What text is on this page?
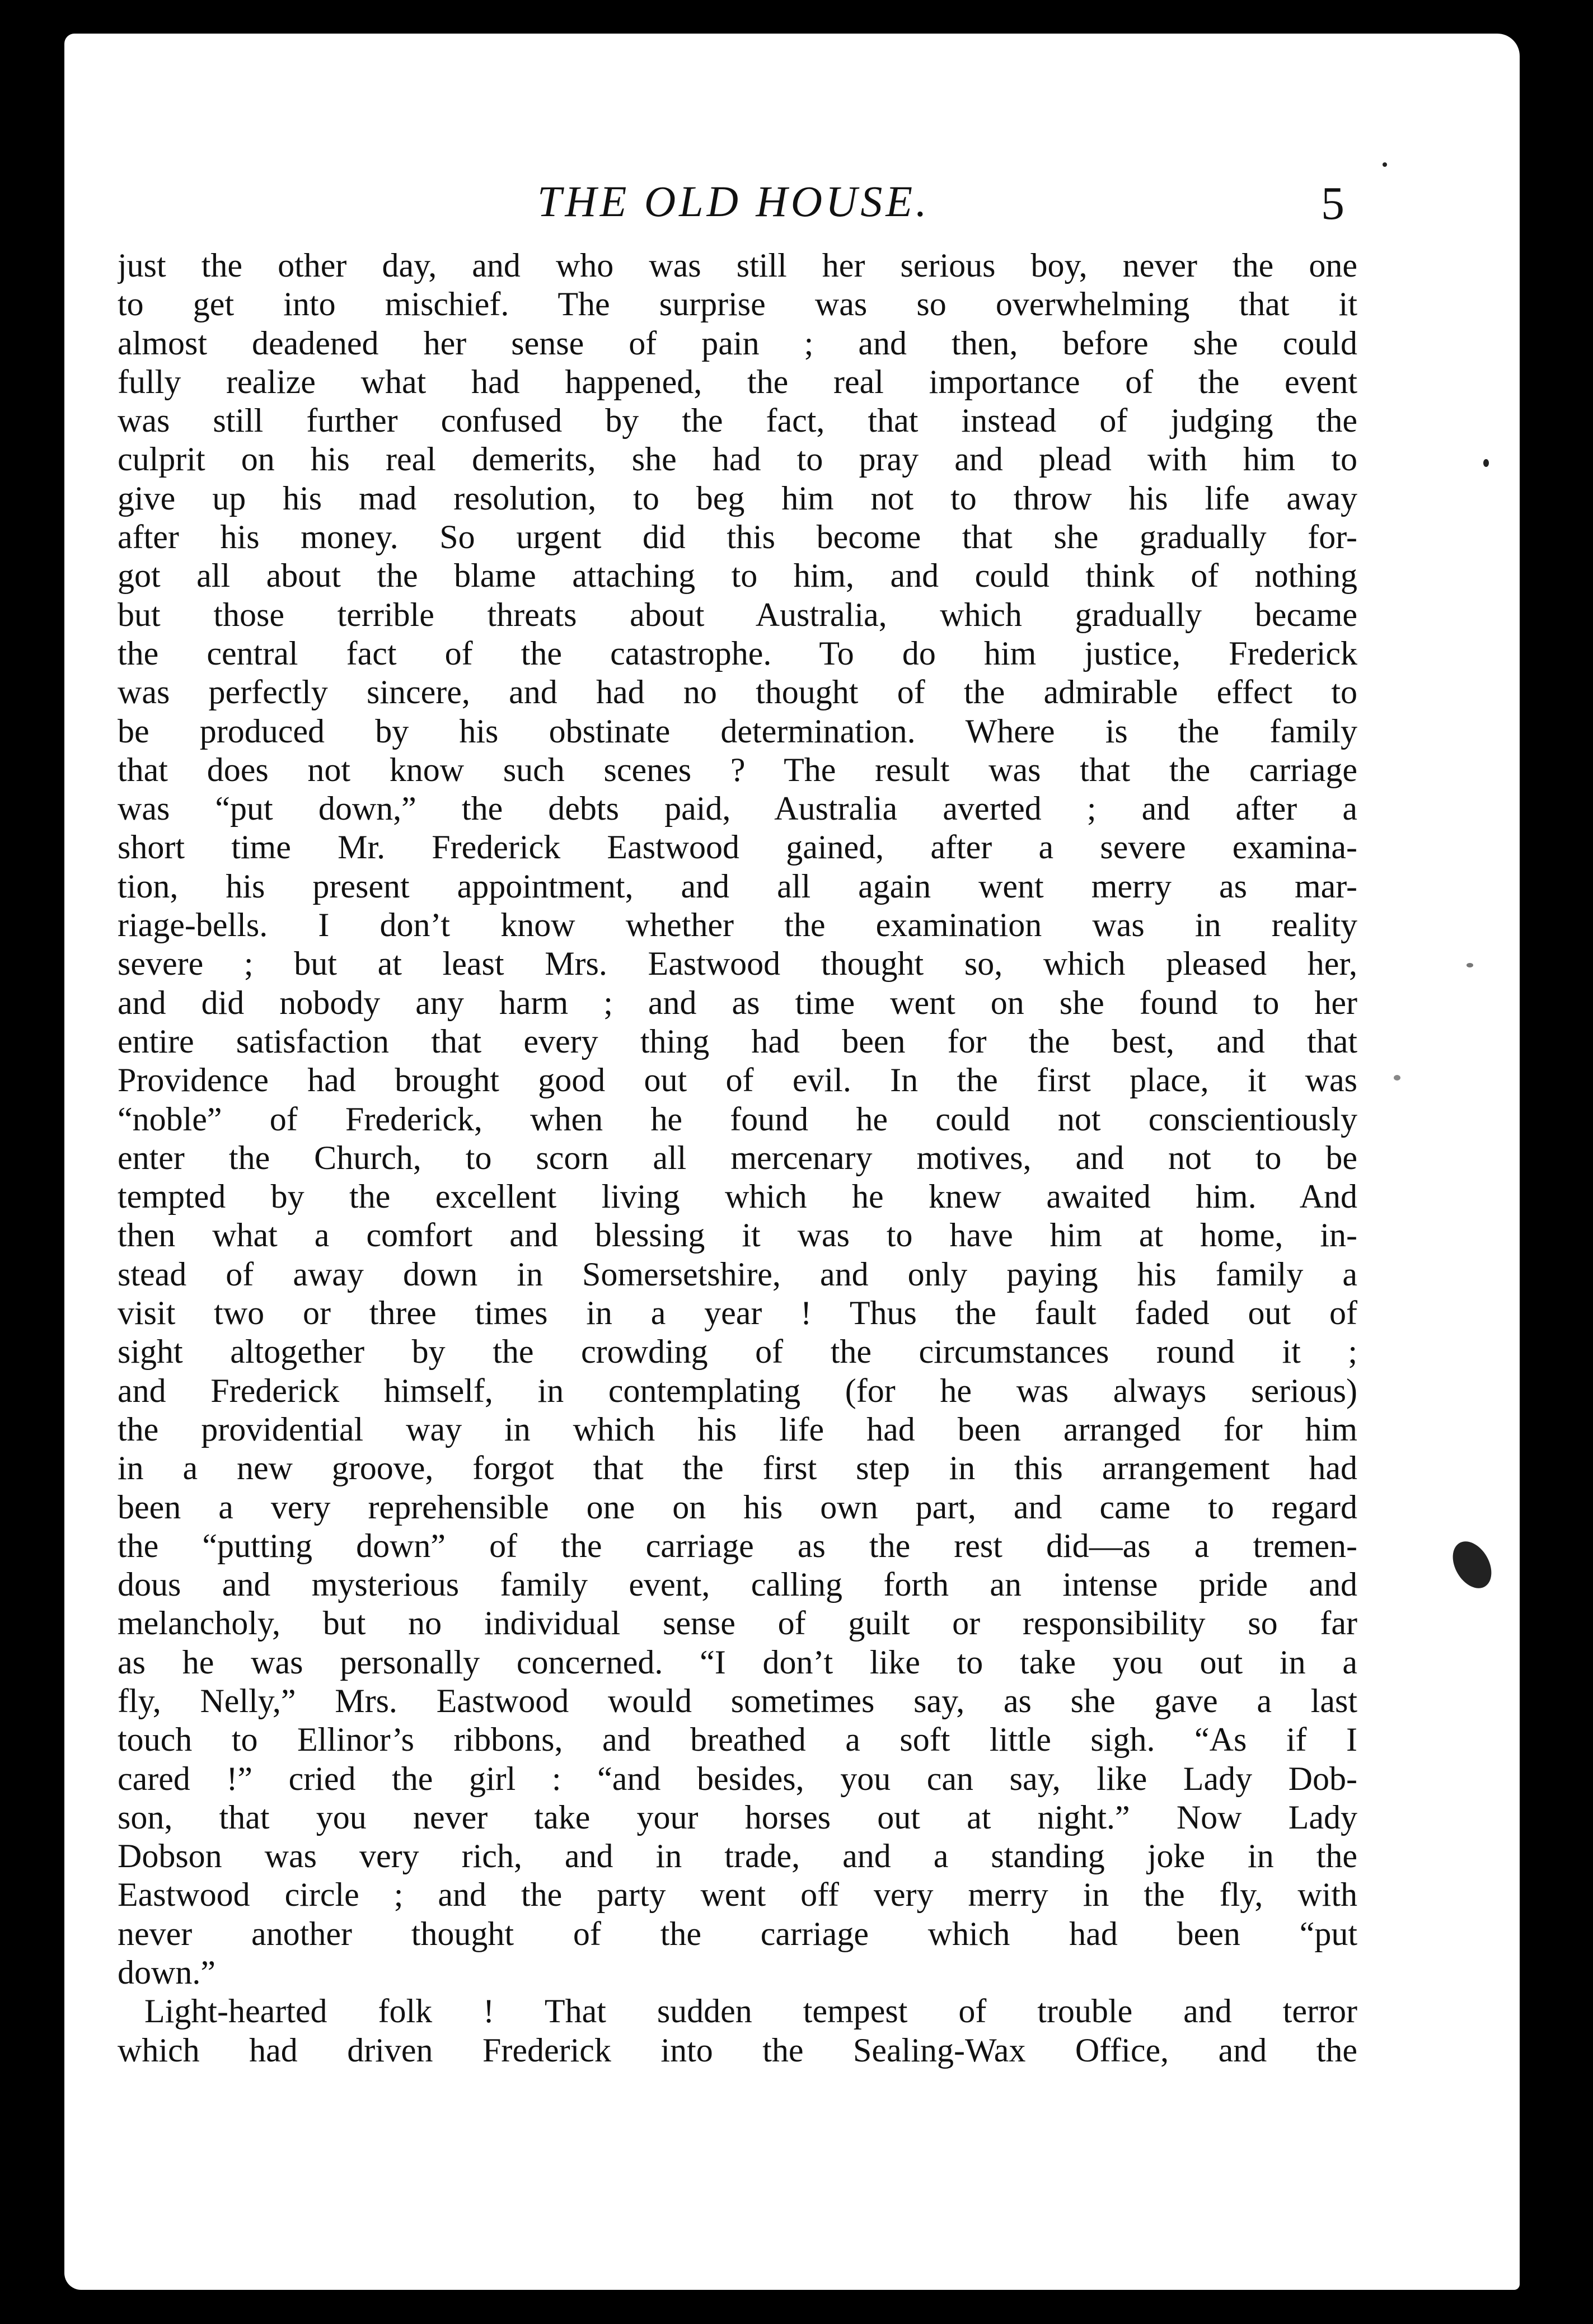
THE OLD HOUSE.	5
just the other day, and who was still her serious boy, never the one
to get into mischief. The surprise was so overwhelming that it
almost deadened her sense of pain ; and then, before she could
fully realize what had happened, the real importance of the event
was still further confused by the fact, that instead of judging the
culprit on his real demerits, she had to pray and plead with him to
give up his mad resolution, to beg him not to throw his life away
after his money. So urgent did this become that she gradually for-
got all about the blame attaching to him, and could think of nothing
but those terrible threats about Australia, which gradually became
the central fact of the catastrophe. To do him justice, Frederick
was perfectly sincere, and had no thought of the admirable effect to
be produced by his obstinate determination. Where is the family
that does not know such scenes ? The result was that the carriage
was “put down,” the debts paid, Australia averted ; and after a
short time Mr. Frederick Eastwood gained, after a severe examina-
tion, his present appointment, and all again went merry as mar-
riage-bells. I don’t know whether the examination was in reality
severe ; but at least Mrs. Eastwood thought so, which pleased her,
and did nobody any harm ; and as time went on she found to her
entire satisfaction that every thing had been for the best, and that
Providence had brought good out of evil. In the first place, it was
“noble” of Frederick, when he found he could not conscientiously
enter the Church, to scorn all mercenary motives, and not to be
tempted by the excellent living which he knew awaited him. And
then what a comfort and blessing it was to have him at home, in-
stead of away down in Somersetshire, and only paying his family a
visit two or three times in a year ! Thus the fault faded out of
sight altogether by the crowding of the circumstances round it ;
and Frederick himself, in contemplating (for he was always serious)
the providential way in which his life had been arranged for him
in a new groove, forgot that the first step in this arrangement had
been a very reprehensible one on his own part, and came to regard
the “putting down” of the carriage as the rest did—as a tremen-
dous and mysterious family event, calling forth an intense pride and
melancholy, but no individual sense of guilt or responsibility so far
as he was personally concerned. “I don’t like to take you out in a
fly, Nelly,” Mrs. Eastwood would sometimes say, as she gave a last
touch to Ellinor’s ribbons, and breathed a soft little sigh. “As if I
cared !” cried the girl : “and besides, you can say, like Lady Dob-
son, that you never take your horses out at night.” Now Lady
Dobson was very rich, and in trade, and a standing joke in the
Eastwood circle ; and the party went off very merry in the fly, with
never another thought of the carriage which had been “put
down.”
Light-hearted folk ! That sudden tempest of trouble and terror
which had driven Frederick into the Sealing-Wax Office, and the
